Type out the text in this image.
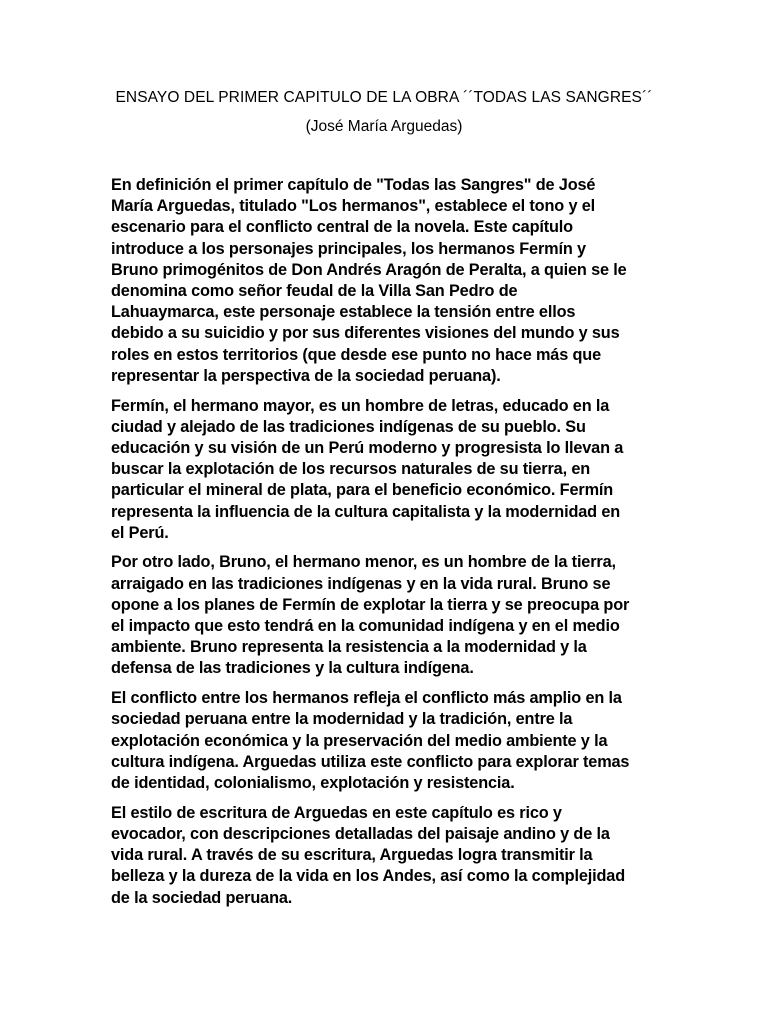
ENSAYO DEL PRIMER CAPITULO DE LA OBRA ´´TODAS LAS SANGRES´´
(José María Arguedas)

En definición el primer capítulo de "Todas las Sangres" de José
María Arguedas, titulado "Los hermanos", establece el tono y el
escenario para el conflicto central de la novela. Este capítulo
introduce a los personajes principales, los hermanos Fermín y
Bruno primogénitos de Don Andrés Aragón de Peralta, a quien se le
denomina como señor feudal de la Villa San Pedro de
Lahuaymarca, este personaje establece la tensión entre ellos
debido a su suicidio y por sus diferentes visiones del mundo y sus
roles en estos territorios (que desde ese punto no hace más que
representar la perspectiva de la sociedad peruana).

Fermín, el hermano mayor, es un hombre de letras, educado en la
ciudad y alejado de las tradiciones indígenas de su pueblo. Su
educación y su visión de un Perú moderno y progresista lo llevan a
buscar la explotación de los recursos naturales de su tierra, en
particular el mineral de plata, para el beneficio económico. Fermín
representa la influencia de la cultura capitalista y la modernidad en
el Perú.

Por otro lado, Bruno, el hermano menor, es un hombre de la tierra,
arraigado en las tradiciones indígenas y en la vida rural. Bruno se
opone a los planes de Fermín de explotar la tierra y se preocupa por
el impacto que esto tendrá en la comunidad indígena y en el medio
ambiente. Bruno representa la resistencia a la modernidad y la
defensa de las tradiciones y la cultura indígena.

El conflicto entre los hermanos refleja el conflicto más amplio en la
sociedad peruana entre la modernidad y la tradición, entre la
explotación económica y la preservación del medio ambiente y la
cultura indígena. Arguedas utiliza este conflicto para explorar temas
de identidad, colonialismo, explotación y resistencia.

El estilo de escritura de Arguedas en este capítulo es rico y
evocador, con descripciones detalladas del paisaje andino y de la
vida rural. A través de su escritura, Arguedas logra transmitir la
belleza y la dureza de la vida en los Andes, así como la complejidad
de la sociedad peruana.
